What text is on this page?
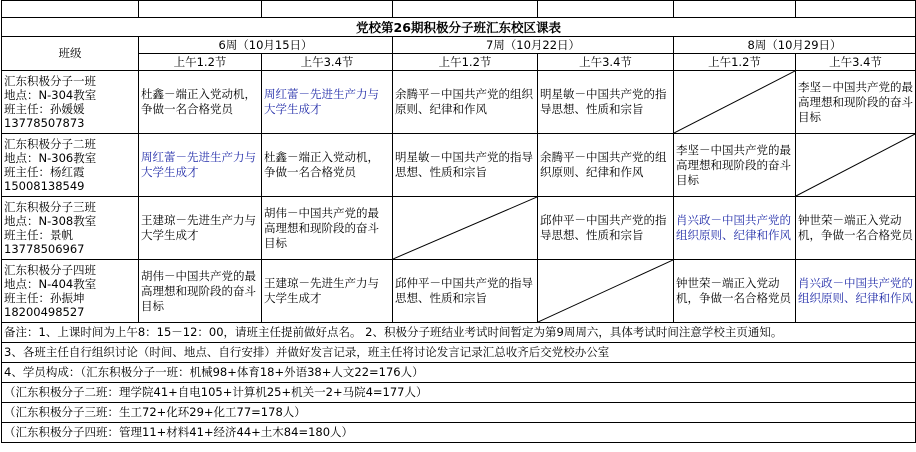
党校第26期积极分子班汇东校区课表						
班级	6周（10月15日）		7周（10月22日）		8周（10月29日）	
	上午1.2节	上午3.4节	上午1.2节	上午3.4节	上午1.2节	上午3.4节

汇东积极分子一班
地点：N-304教室
班主任：孙媛媛
13778507873	杜鑫－端正入党动机，争做一名合格党员	周红蕾－先进生产力与大学生成才	余腾平－中国共产党的组织原则、纪律和作风	明星敏－中国共产党的指导思想、性质和宗旨		李坚－中国共产党的最高理想和现阶段的奋斗目标

汇东积极分子二班
地点：N-306教室
班主任：杨红霞
15008138549	周红蕾－先进生产力与大学生成才	杜鑫－端正入党动机，争做一名合格党员	明星敏－中国共产党的指导思想、性质和宗旨	余腾平－中国共产党的组织原则、纪律和作风	李坚－中国共产党的最高理想和现阶段的奋斗目标	

汇东积极分子三班
地点：N-308教室
班主任：景帆
13778506967	王建琼－先进生产力与大学生成才	胡伟－中国共产党的最高理想和现阶段的奋斗目标		邱仲平－中国共产党的指导思想、性质和宗旨	肖兴政－中国共产党的组织原则、纪律和作风	钟世荣－端正入党动机，争做一名合格党员

汇东积极分子四班
地点：N-404教室
班主任：孙振坤
18200498527	胡伟－中国共产党的最高理想和现阶段的奋斗目标	王建琼－先进生产力与大学生成才	邱仲平－中国共产党的指导思想、性质和宗旨		钟世荣－端正入党动机，争做一名合格党员	肖兴政－中国共产党的组织原则、纪律和作风
备注：1、上课时间为上午8：15－12：00，请班主任提前做好点名。 2、积极分子班结业考试时间暂定为第9周周六，具体考试时间注意学校主页通知。						
3、各班主任自行组织讨论（时间、地点、自行安排）并做好发言记录，班主任将讨论发言记录汇总收齐后交党校办公室						
4、学员构成：（汇东积极分子一班：机械98+体育18+外语38+人文22=176人）						
（汇东积极分子二班：理学院41+自电105+计算机25+机关一2+马院4=177人）						
（汇东积极分子三班：生工72+化环29+化工77=178人）						
（汇东积极分子四班：管理11+材料41+经济44+土木84=180人）						
